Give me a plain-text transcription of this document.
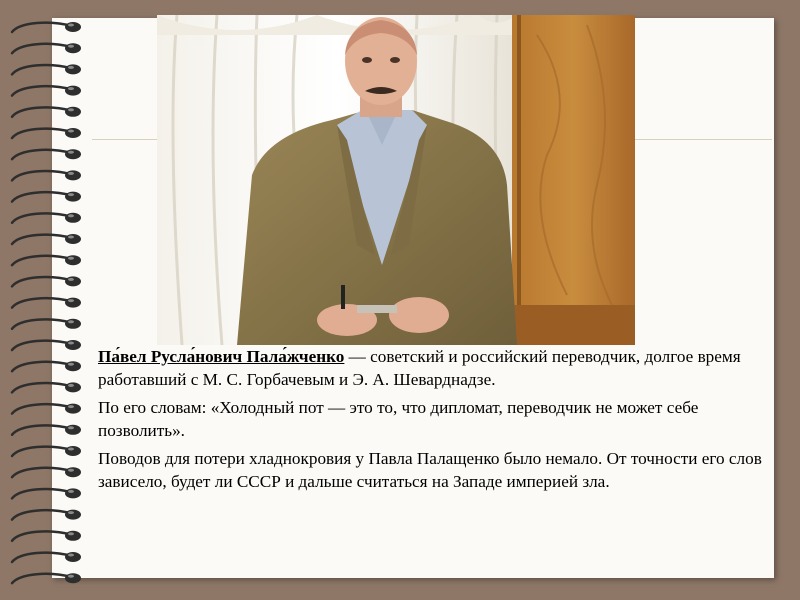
Па́вел Русла́нович Пала́жченко — советский и российский переводчик, долгое время работавший с М. С. Горбачевым и Э. А. Шеварднадзе.

По его словам: «Холодный пот — это то, что дипломат, переводчик не может себе позволить».

Поводов для потери хладнокровия у Павла Палащенко было немало. От точности его слов зависело, будет ли СССР и дальше считаться на Западе империей зла.
